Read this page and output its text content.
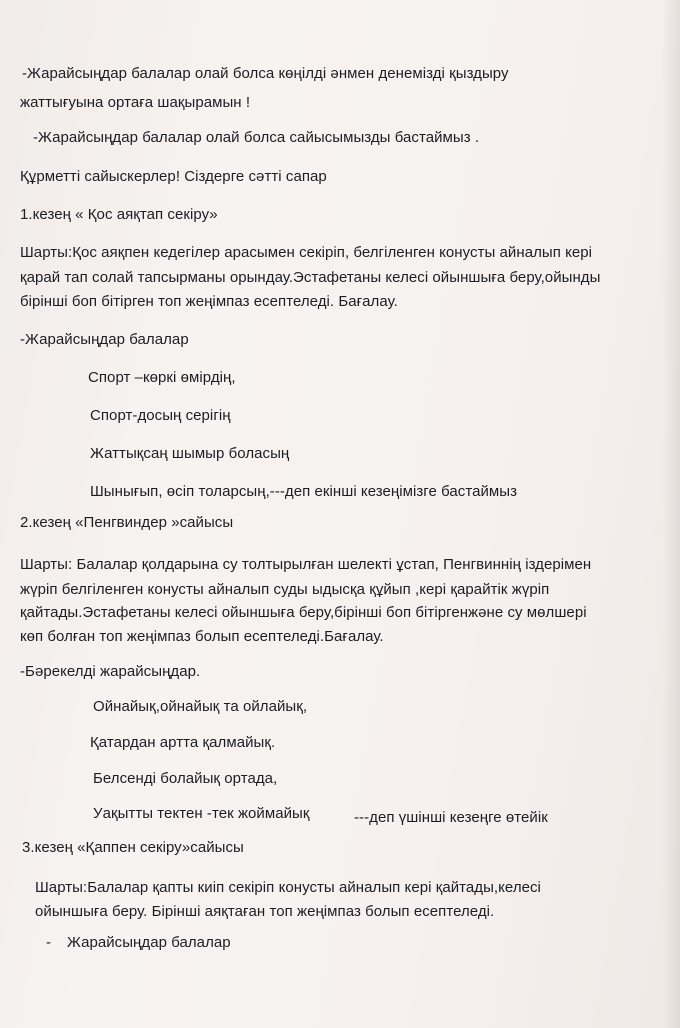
-Жарайсыңдар балалар олай болса көңілді әнмен денемізді қыздыру
жаттығуына ортаға шақырамын !
-Жарайсыңдар балалар олай болса сайысымызды бастаймыз .
Құрметті сайыскерлер! Сіздерге сәтті сапар
1.кезең « Қос аяқтап секіру»
Шарты:Қос аяқпен кедегілер арасымен секіріп, белгіленген конусты айналып кері
қарай тап солай тапсырманы орындау.Эстафетаны келесі ойыншыға беру,ойынды
бірінші боп бітірген топ жеңімпаз есептеледі. Бағалау.
-Жарайсыңдар балалар
Спорт –көркі өмірдің,
Спорт-досың серігің
Жаттықсаң шымыр боласың
Шынығып, өсіп толарсың,---деп екінші кезеңімізге бастаймыз
2.кезең «Пенгвиндер »сайысы
Шарты: Балалар қолдарына су толтырылған шелекті ұстап, Пенгвиннің іздерімен
жүріп белгіленген конусты айналып суды ыдысқа құйып ,кері қарайтік жүріп
қайтады.Эстафетаны келесі ойыншыға беру,бірінші боп бітіргенжәне су мөлшері
көп болған топ жеңімпаз болып есептеледі.Бағалау.
-Бәрекелді жарайсыңдар.
Ойнайық,ойнайық та ойлайық,
Қатардан артта қалмайық.
Белсенді болайық ортада,
Уақытты тектен -тек жоймайық	---деп үшінші кезеңге өтейік
3.кезең «Қаппен секіру»сайысы
Шарты:Балалар қапты киіп секіріп конусты айналып кері қайтады,келесі
ойыншыға беру. Бірінші аяқтаған топ жеңімпаз болып есептеледі.
- Жарайсыңдар балалар
